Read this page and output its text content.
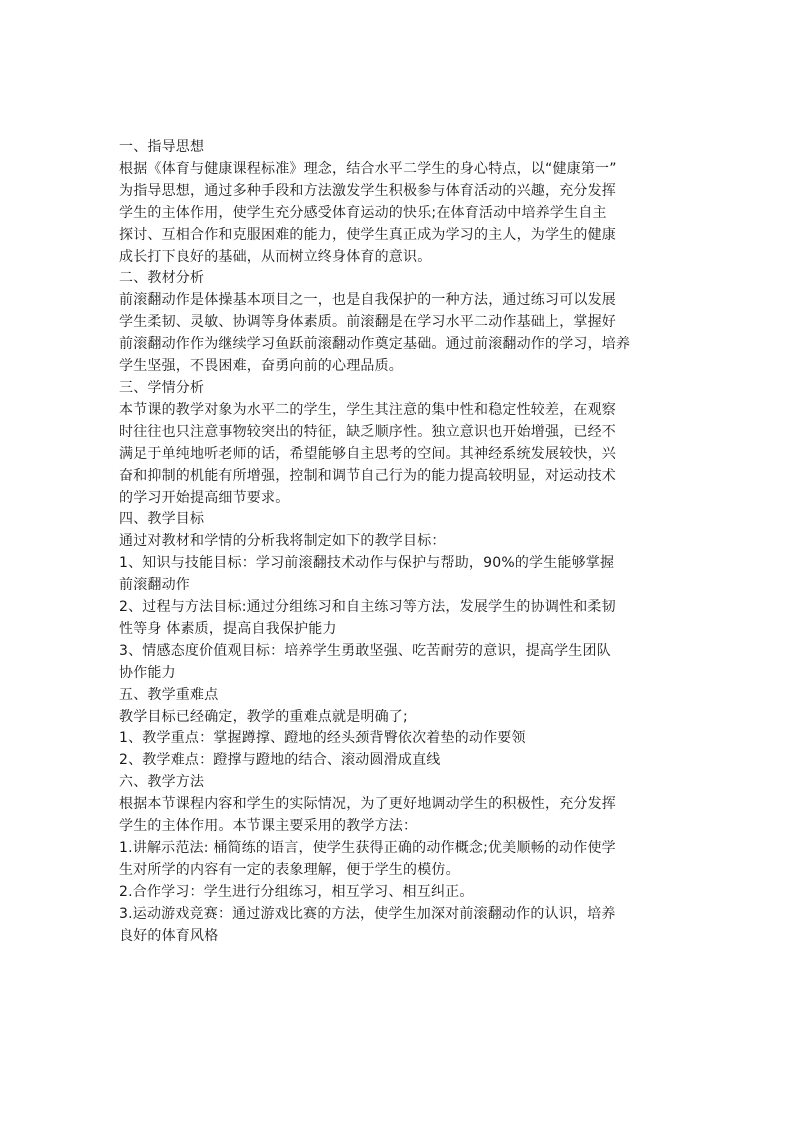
一、指导思想

根据《体育与健康课程标准》理念，结合水平二学生的身心特点，以“健康第一”

为指导思想，通过多种手段和方法激发学生积极参与体育活动的兴趣，充分发挥

学生的主体作用，使学生充分感受体育运动的快乐;在体育活动中培养学生自主

探讨、互相合作和克服困难的能力，使学生真正成为学习的主人，为学生的健康

成长打下良好的基础，从而树立终身体育的意识。

二、教材分析

前滚翻动作是体操基本项目之一，也是自我保护的一种方法，通过练习可以发展

学生柔韧、灵敏、协调等身体素质。前滚翻是在学习水平二动作基础上，掌握好

前滚翻动作作为继续学习鱼跃前滚翻动作奠定基础。通过前滚翻动作的学习，培养

学生坚强，不畏困难，奋勇向前的心理品质。

三、学情分析

本节课的教学对象为水平二的学生，学生其注意的集中性和稳定性较差，在观察

时往往也只注意事物较突出的特征，缺乏顺序性。独立意识也开始增强，已经不

满足于单纯地听老师的话，希望能够自主思考的空间。其神经系统发展较快，兴

奋和抑制的机能有所增强，控制和调节自己行为的能力提高较明显，对运动技术

的学习开始提高细节要求。

四、教学目标

通过对教材和学情的分析我将制定如下的教学目标：

1、知识与技能目标：学习前滚翻技术动作与保护与帮助，90%的学生能够掌握

前滚翻动作

2、过程与方法目标:通过分组练习和自主练习等方法，发展学生的协调性和柔韧

性等身 体素质，提高自我保护能力

3、情感态度价值观目标：培养学生勇敢坚强、吃苦耐劳的意识，提高学生团队

协作能力

五、教学重难点

教学目标已经确定，教学的重难点就是明确了;

1、教学重点：掌握蹲撑、蹬地的经头颈背臀依次着垫的动作要领

2、教学难点：蹬撑与蹬地的结合、滚动圆滑成直线

六、教学方法

根据本节课程内容和学生的实际情况，为了更好地调动学生的积极性，充分发挥

学生的主体作用。本节课主要采用的教学方法：

1.讲解示范法: 桶简练的语言，使学生获得正确的动作概念;优美顺畅的动作使学

生对所学的内容有一定的表象理解，便于学生的模仿。

2.合作学习：学生进行分组练习，相互学习、相互纠正。

3.运动游戏竞赛：通过游戏比赛的方法，使学生加深对前滚翻动作的认识，培养

良好的体育风格
